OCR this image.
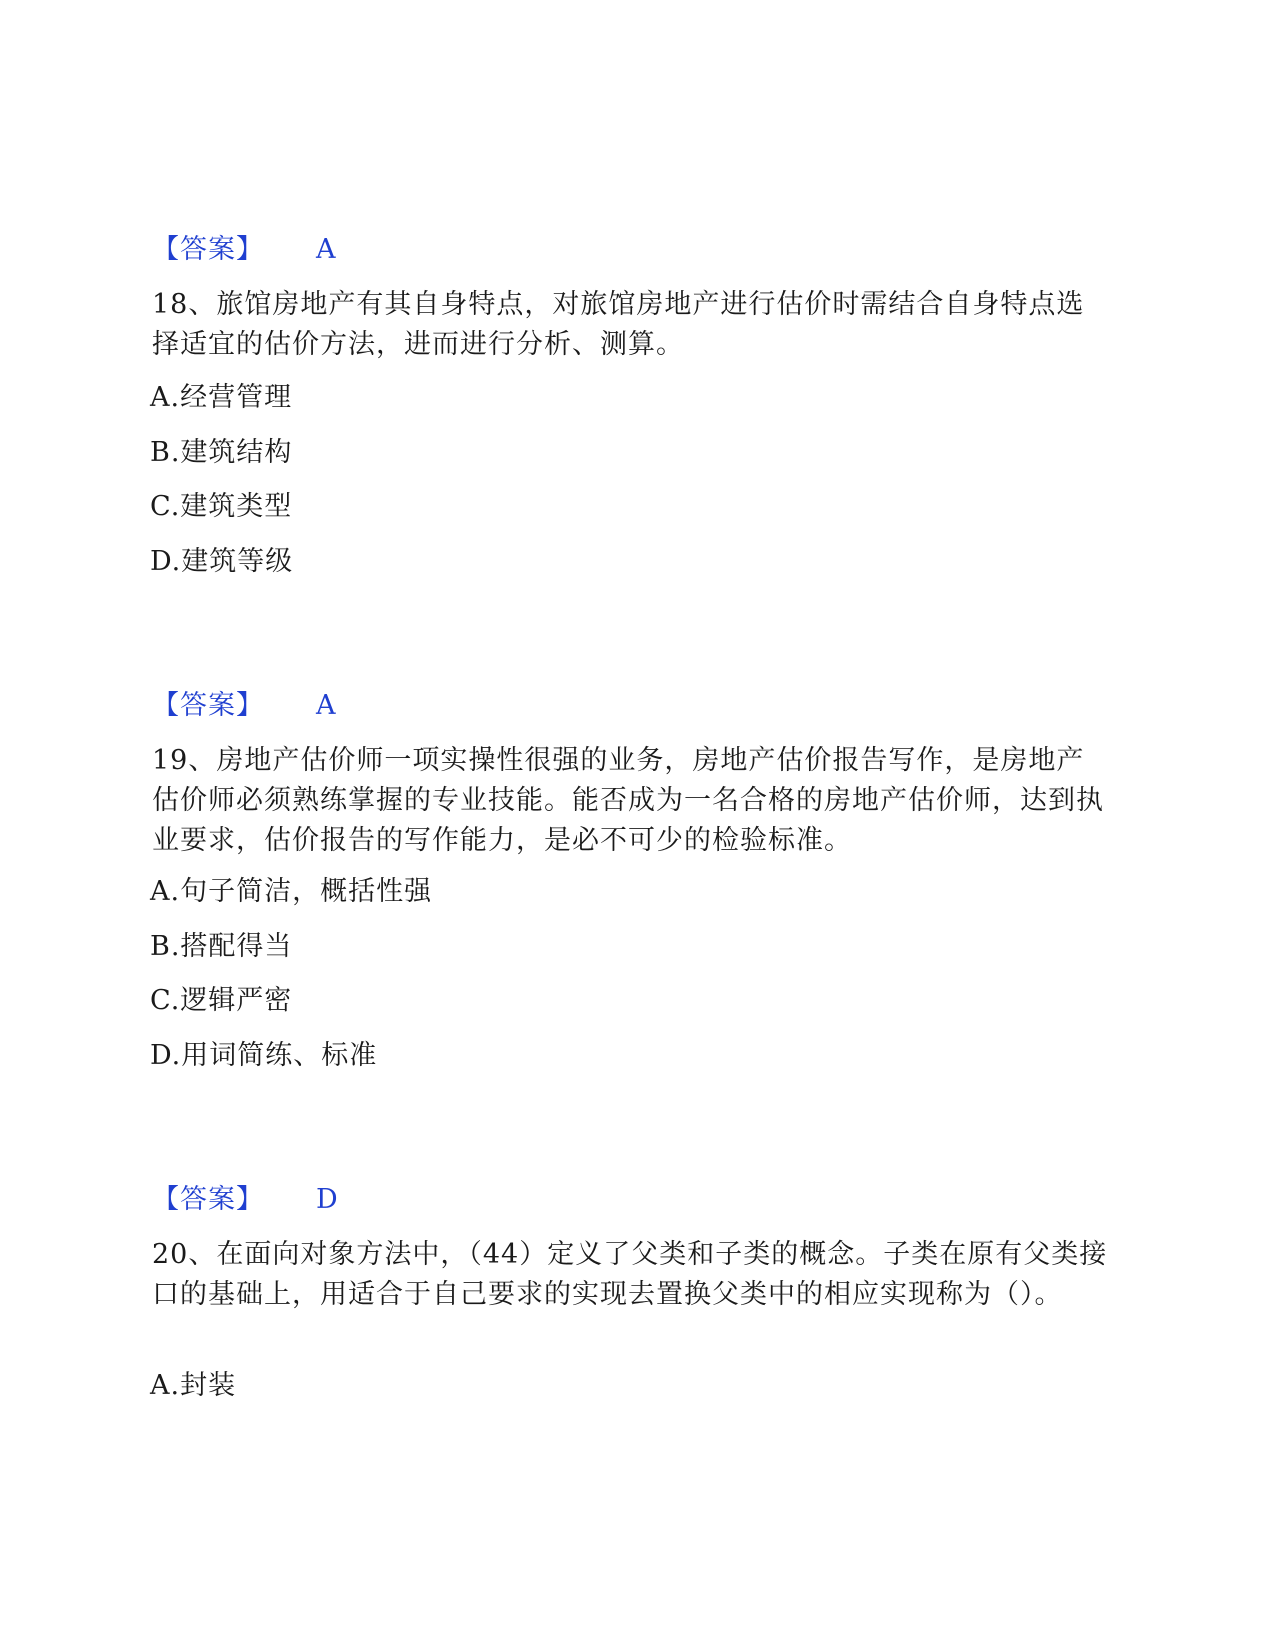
【答案】 A
18、旅馆房地产有其自身特点，对旅馆房地产进行估价时需结合自身特点选择适宜的估价方法，进而进行分析、测算。
A.经营管理
B.建筑结构
C.建筑类型
D.建筑等级
【答案】 A
19、房地产估价师一项实操性很强的业务，房地产估价报告写作，是房地产估价师必须熟练掌握的专业技能。能否成为一名合格的房地产估价师，达到执业要求，估价报告的写作能力，是必不可少的检验标准。
A.句子简洁，概括性强
B.搭配得当
C.逻辑严密
D.用词简练、标准
【答案】 D
20、在面向对象方法中，（44）定义了父类和子类的概念。子类在原有父类接口的基础上，用适合于自己要求的实现去置换父类中的相应实现称为（）。
A.封装
